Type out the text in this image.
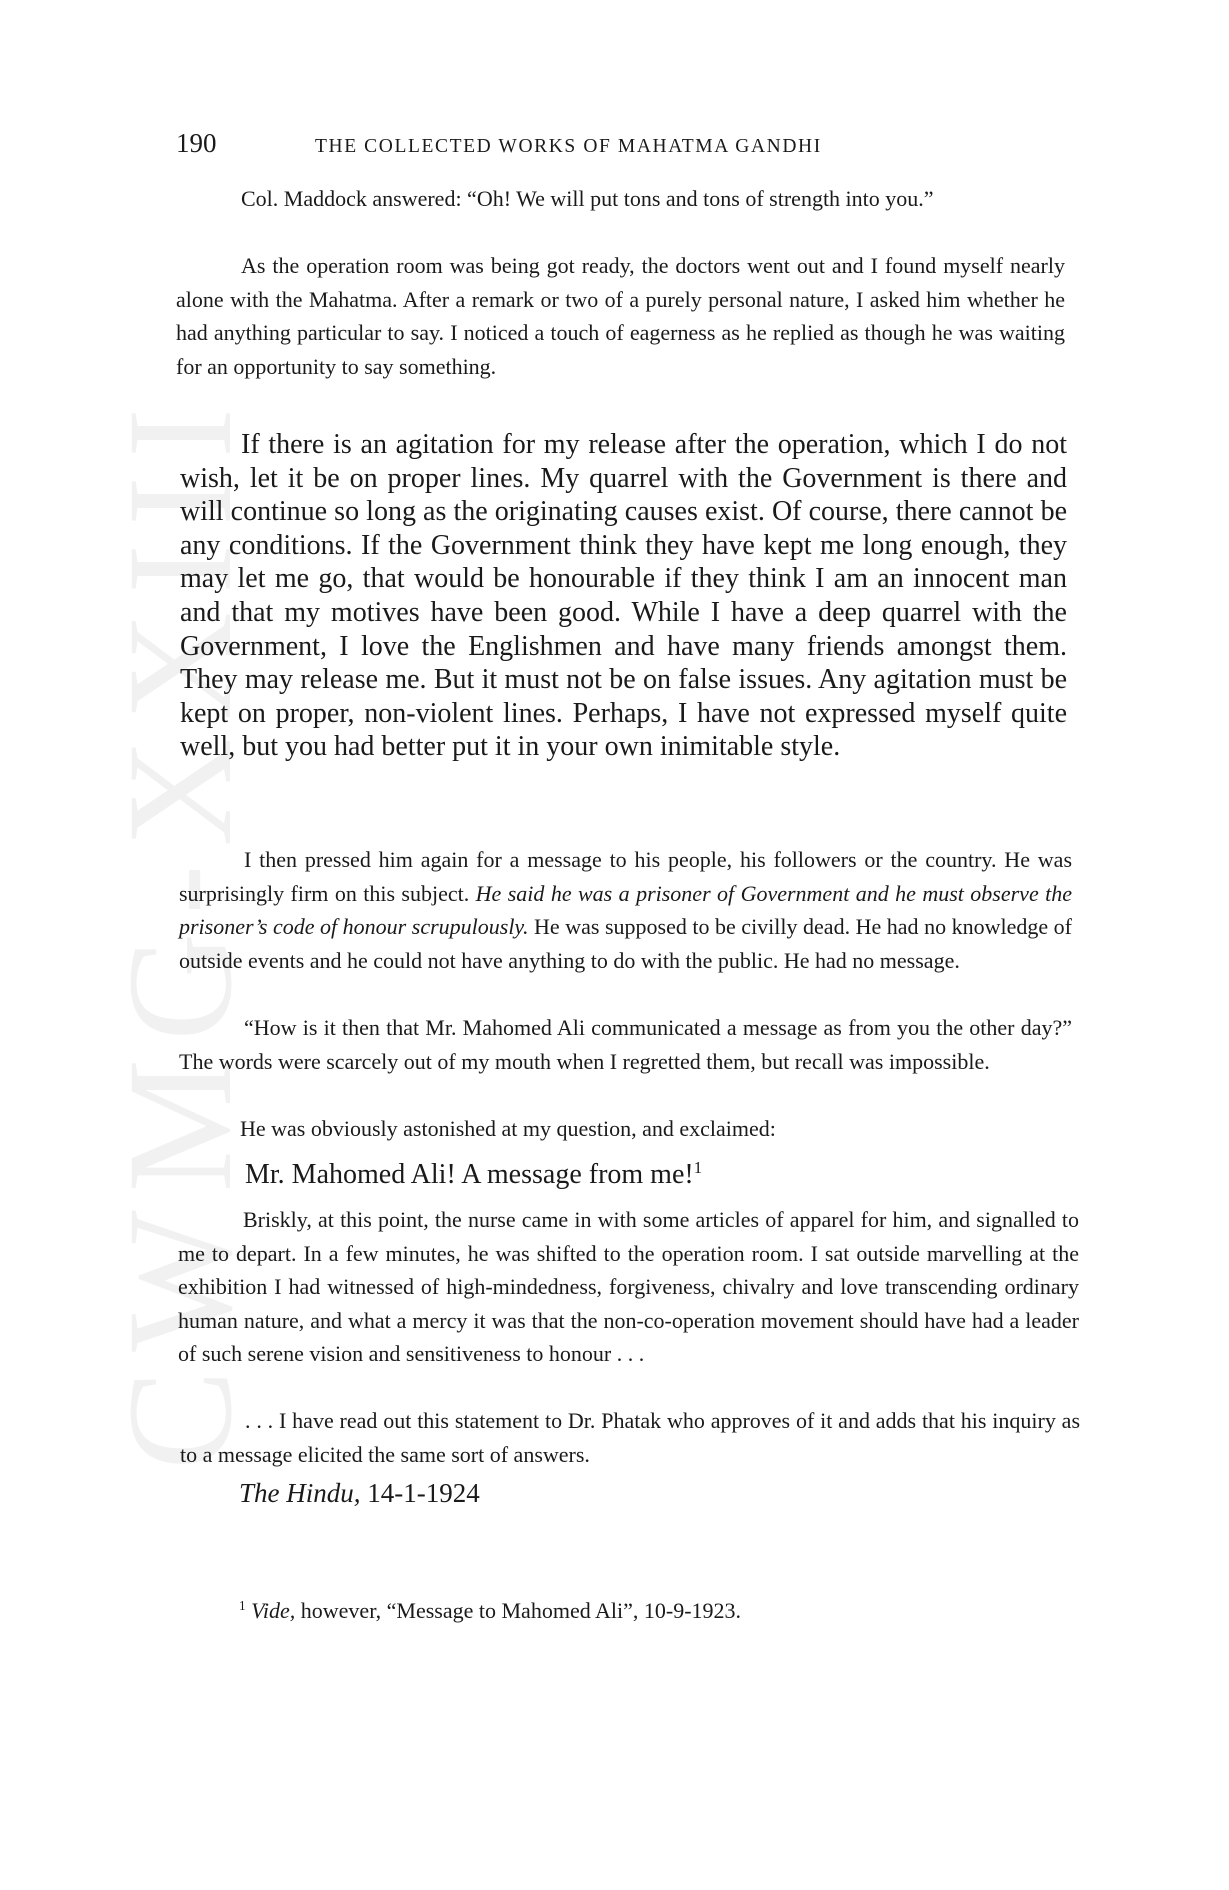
CWMG-XXIII
190	THE COLLECTED WORKS OF MAHATMA GANDHI

Col. Maddock answered: “Oh! We will put tons and tons of strength into you.”

As the operation room was being got ready, the doctors went out and I found myself nearly alone with the Mahatma. After a remark or two of a purely personal nature, I asked him whether he had anything particular to say. I noticed a touch of eagerness as he replied as though he was waiting for an opportunity to say something.

If there is an agitation for my release after the operation, which I do not wish, let it be on proper lines. My quarrel with the Government is there and will continue so long as the originating causes exist. Of course, there cannot be any conditions. If the Government think they have kept me long enough, they may let me go, that would be honourable if they think I am an innocent man and that my motives have been good. While I have a deep quarrel with the Government, I love the Englishmen and have many friends amongst them. They may release me. But it must not be on false issues. Any agitation must be kept on proper, non-violent lines. Perhaps, I have not expressed myself quite well, but you had better put it in your own inimitable style.

I then pressed him again for a message to his people, his followers or the country. He was surprisingly firm on this subject. He said he was a prisoner of Government and he must observe the prisoner’s code of honour scrupulously. He was supposed to be civilly dead. He had no knowledge of outside events and he could not have anything to do with the public. He had no message.

“How is it then that Mr. Mahomed Ali communicated a message as from you the other day?” The words were scarcely out of my mouth when I regretted them, but recall was impossible.

He was obviously astonished at my question, and exclaimed:

Mr. Mahomed Ali! A message from me!$^1$

Briskly, at this point, the nurse came in with some articles of apparel for him, and signalled to me to depart. In a few minutes, he was shifted to the operation room. I sat outside marvelling at the exhibition I had witnessed of high-mindedness, forgiveness, chivalry and love transcending ordinary human nature, and what a mercy it was that the non-co-operation movement should have had a leader of such serene vision and sensitiveness to honour . . .

. . . I have read out this statement to Dr. Phatak who approves of it and adds that his inquiry as to a message elicited the same sort of answers.

The Hindu, 14-1-1924
$^1$ Vide, however, “Message to Mahomed Ali”, 10-9-1923.
